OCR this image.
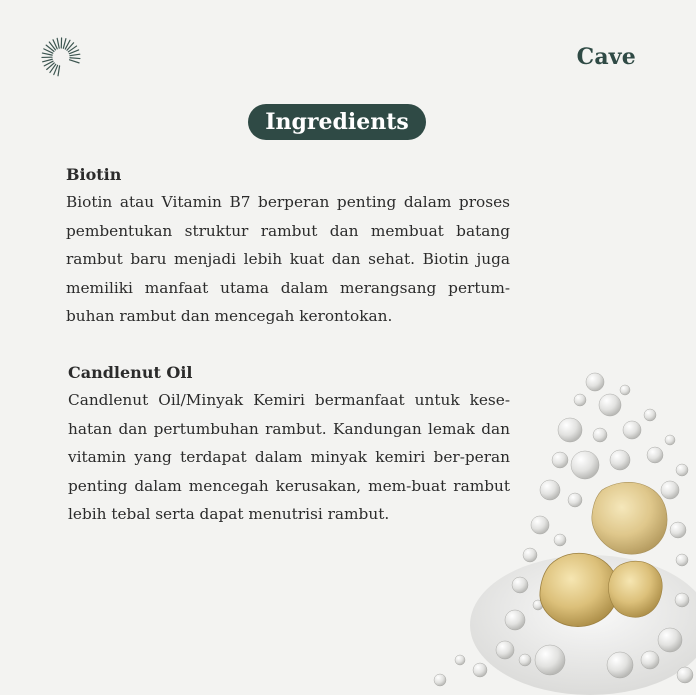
Cave
Ingredients
Biotin

Biotin atau Vitamin B7 berperan penting dalam proses pembentukan struktur rambut dan membuat batang rambut baru menjadi lebih kuat dan sehat. Biotin juga memiliki manfaat utama dalam merangsang pertum-buhan rambut dan mencegah kerontokan.

Candlenut Oil

Candlenut Oil/Minyak Kemiri bermanfaat untuk kese-hatan dan pertumbuhan rambut. Kandungan lemak dan vitamin yang terdapat dalam minyak kemiri ber-peran penting dalam mencegah kerusakan, mem-buat rambut lebih tebal serta dapat menutrisi rambut.
